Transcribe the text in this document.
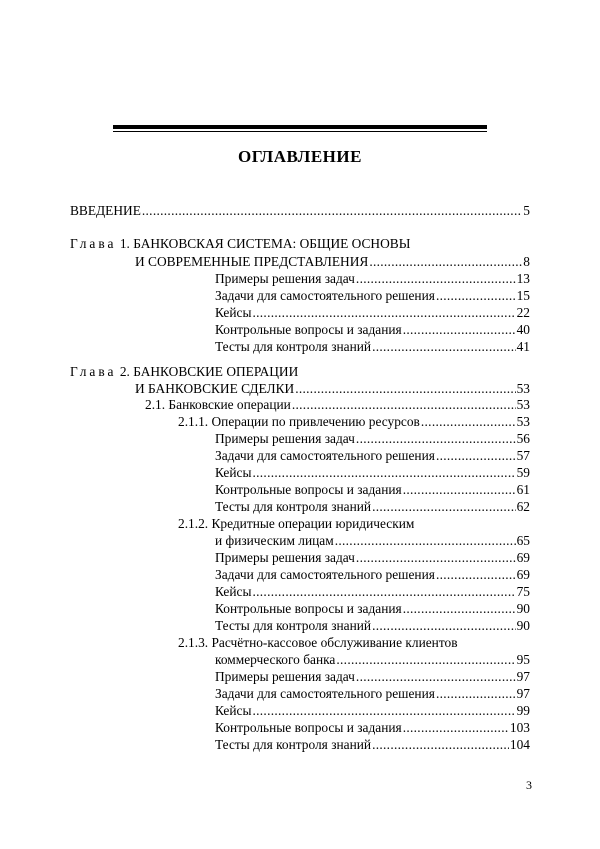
ОГЛАВЛЕНИЕ
ВВЕДЕНИЕ .....	5
Глава 1. БАНКОВСКАЯ СИСТЕМА: ОБЩИЕ ОСНОВЫ
И СОВРЕМЕННЫЕ ПРЕДСТАВЛЕНИЯ .....	8
Примеры решения задач .....	13
Задачи для самостоятельного решения .....	15
Кейсы .....	22
Контрольные вопросы и задания .....	40
Тесты для контроля знаний .....	41
Глава 2. БАНКОВСКИЕ ОПЕРАЦИИ
И БАНКОВСКИЕ СДЕЛКИ .....	53
2.1. Банковские операции .....	53
2.1.1. Операции по привлечению ресурсов .....	53
Примеры решения задач .....	56
Задачи для самостоятельного решения .....	57
Кейсы .....	59
Контрольные вопросы и задания .....	61
Тесты для контроля знаний .....	62
2.1.2. Кредитные операции юридическим
и физическим лицам .....	65
Примеры решения задач .....	69
Задачи для самостоятельного решения .....	69
Кейсы .....	75
Контрольные вопросы и задания .....	90
Тесты для контроля знаний .....	90
2.1.3. Расчётно-кассовое обслуживание клиентов
коммерческого банка .....	95
Примеры решения задач .....	97
Задачи для самостоятельного решения .....	97
Кейсы .....	99
Контрольные вопросы и задания .....	103
Тесты для контроля знаний .....	104
3
